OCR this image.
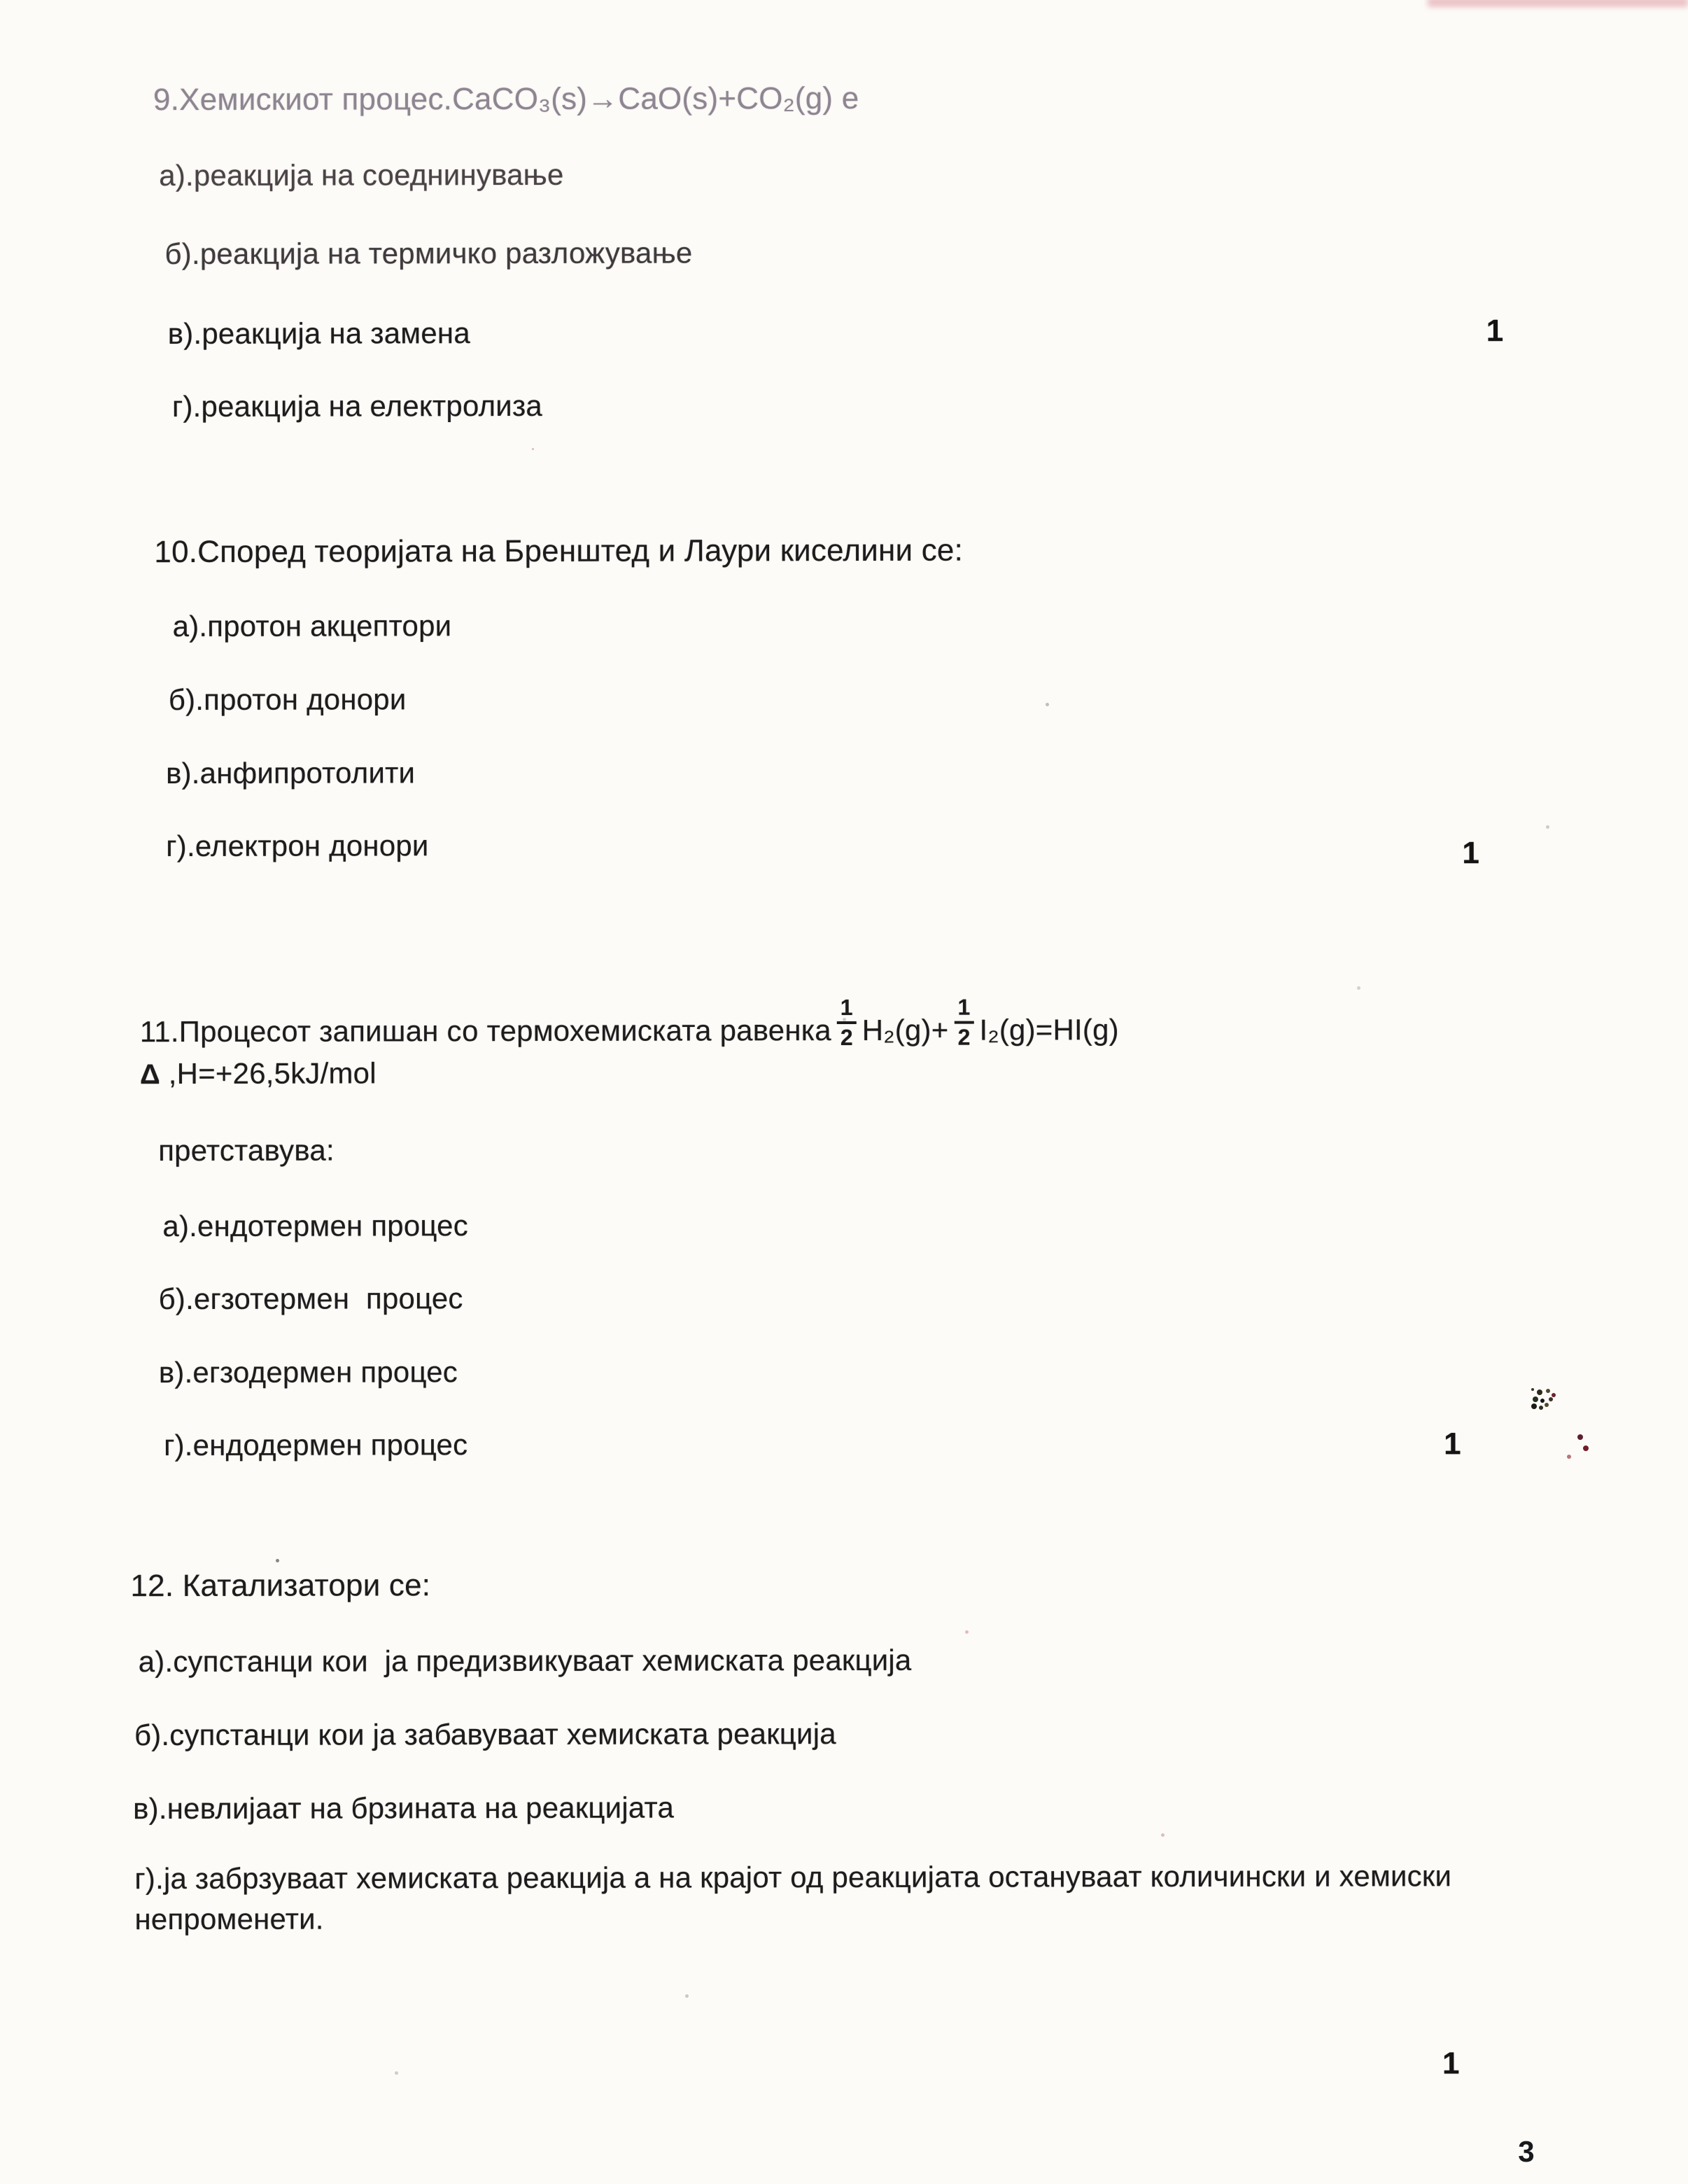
9.Хемискиот процес.CaCO₃(s)→CaO(s)+CO₂(g) е
а).реакција на соеднинување
б).реакција на термичко разложување
в).реакција на замена
г).реакција на електролиза
1
10.Според теоријата на Бренштед и Лаури киселини се:
а).протон акцептори
б).протон донори
в).анфипротолити
г).електрон донори	1
11.Процесот запишан со термохемиската равенка $\frac{1}{2} H_2(g)+ \frac{1}{2} I_2(g)=HI(g)$
Δ ,H=+26,5kJ/mol
претставува:
а).ендотермен процес
б).егзотермен  процес
в).егзодермен процес
г).ендодермен процес	1
12. Катализатори се:
а).супстанци кои  ја предизвикуваат хемиската реакција
б).супстанци кои ја забавуваат хемиската реакција
в).невлијаат на брзината на реакцијата
г).ја забрзуваат хемиската реакција а на крајот од реакцијата остануваат количински и хемиски непроменети.
1
3
